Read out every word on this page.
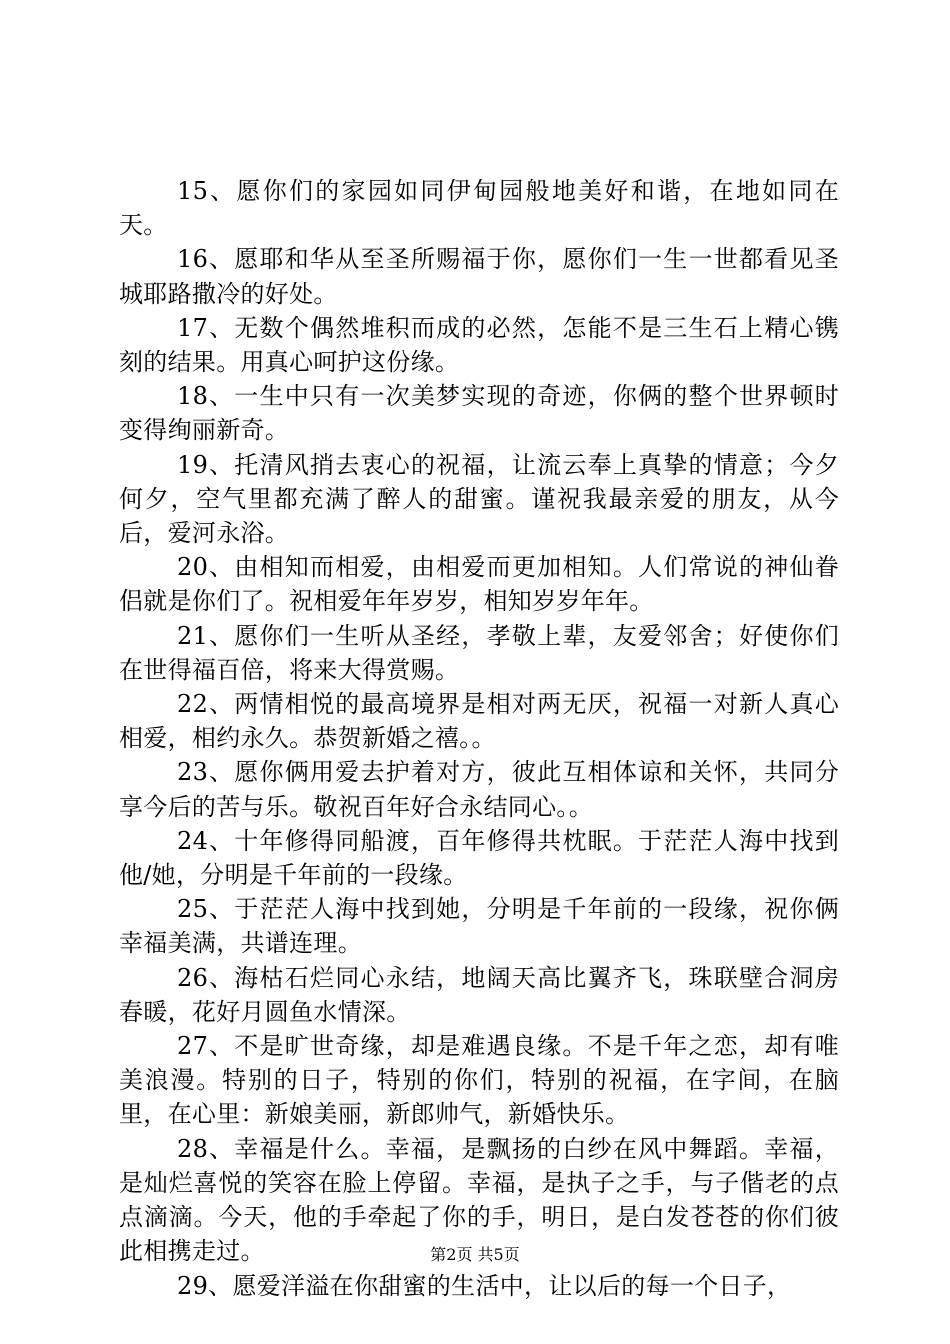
15、愿你们的家园如同伊甸园般地美好和谐，在地如同在天。

16、愿耶和华从至圣所赐福于你，愿你们一生一世都看见圣城耶路撒冷的好处。

17、无数个偶然堆积而成的必然，怎能不是三生石上精心镌刻的结果。用真心呵护这份缘。

18、一生中只有一次美梦实现的奇迹，你俩的整个世界顿时变得绚丽新奇。

19、托清风捎去衷心的祝福，让流云奉上真挚的情意；今夕何夕，空气里都充满了醉人的甜蜜。谨祝我最亲爱的朋友，从今后，爱河永浴。

20、由相知而相爱，由相爱而更加相知。人们常说的神仙眷侣就是你们了。祝相爱年年岁岁，相知岁岁年年。

21、愿你们一生听从圣经，孝敬上辈，友爱邻舍；好使你们在世得福百倍，将来大得赏赐。

22、两情相悦的最高境界是相对两无厌，祝福一对新人真心相爱，相约永久。恭贺新婚之禧。。

23、愿你俩用爱去护着对方，彼此互相体谅和关怀，共同分享今后的苦与乐。敬祝百年好合永结同心。。

24、十年修得同船渡，百年修得共枕眠。于茫茫人海中找到他/她，分明是千年前的一段缘。

25、于茫茫人海中找到她，分明是千年前的一段缘，祝你俩幸福美满，共谱连理。

26、海枯石烂同心永结，地阔天高比翼齐飞，珠联壁合洞房春暖，花好月圆鱼水情深。

27、不是旷世奇缘，却是难遇良缘。不是千年之恋，却有唯美浪漫。特别的日子，特别的你们，特别的祝福，在字间，在脑里，在心里：新娘美丽，新郎帅气，新婚快乐。

28、幸福是什么。幸福，是飘扬的白纱在风中舞蹈。幸福，是灿烂喜悦的笑容在脸上停留。幸福，是执子之手，与子偕老的点点滴滴。今天，他的手牵起了你的手，明日，是白发苍苍的你们彼此相携走过。

29、愿爱洋溢在你甜蜜的生活中，让以后的每一个日子，

第2页 共5页
